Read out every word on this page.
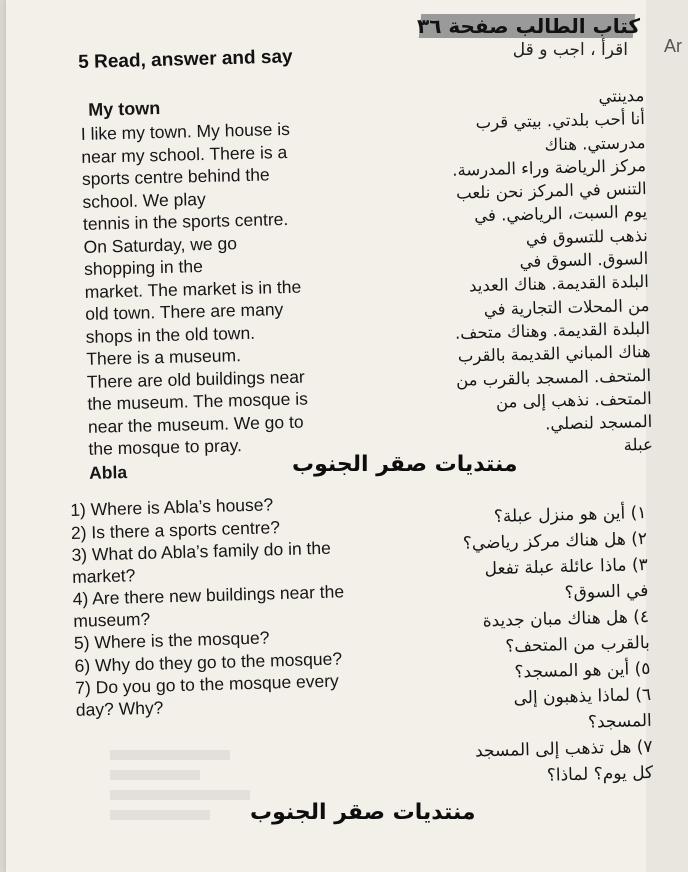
Ar
كتاب الطالب صفحة ٣٦
اقرأ ، اجب و قل
5 Read, answer and say
My town
I like my town. My house is
near my school. There is a
sports centre behind the
school. We play
tennis in the sports centre.
On Saturday, we go
shopping in the
market. The market is in the
old town. There are many
shops in the old town.
There is a museum.
There are old buildings near
the museum. The mosque is
near the museum. We go to
the mosque to pray.
Abla
مدينتي
أنا أحب بلدتي. بيتي قرب
مدرستي. هناك
مركز الرياضة وراء المدرسة.
التنس في المركز نحن نلعب
يوم السبت، الرياضي. في
نذهب للتسوق في
السوق. السوق في
البلدة القديمة. هناك العديد
من المحلات التجارية في
البلدة القديمة. وهناك متحف.
هناك المباني القديمة بالقرب
المتحف. المسجد بالقرب من
المتحف. نذهب إلى من
المسجد لنصلي.
عبلة
منتديات صقر الجنوب
1) Where is Abla’s house?
2) Is there a sports centre?
3) What do Abla’s family do in the market?
4) Are there new buildings near the museum?
5) Where is the mosque?
6) Why do they go to the mosque?
7) Do you go to the mosque every day? Why?
١) أين هو منزل عبلة؟
٢) هل هناك مركز رياضي؟
٣) ماذا عائلة عبلة تفعل
في السوق؟
٤) هل هناك مبان جديدة
بالقرب من المتحف؟
٥) أين هو المسجد؟
٦) لماذا يذهبون إلى
المسجد؟
٧) هل تذهب إلى المسجد
كل يوم؟ لماذا؟
منتديات صقر الجنوب
